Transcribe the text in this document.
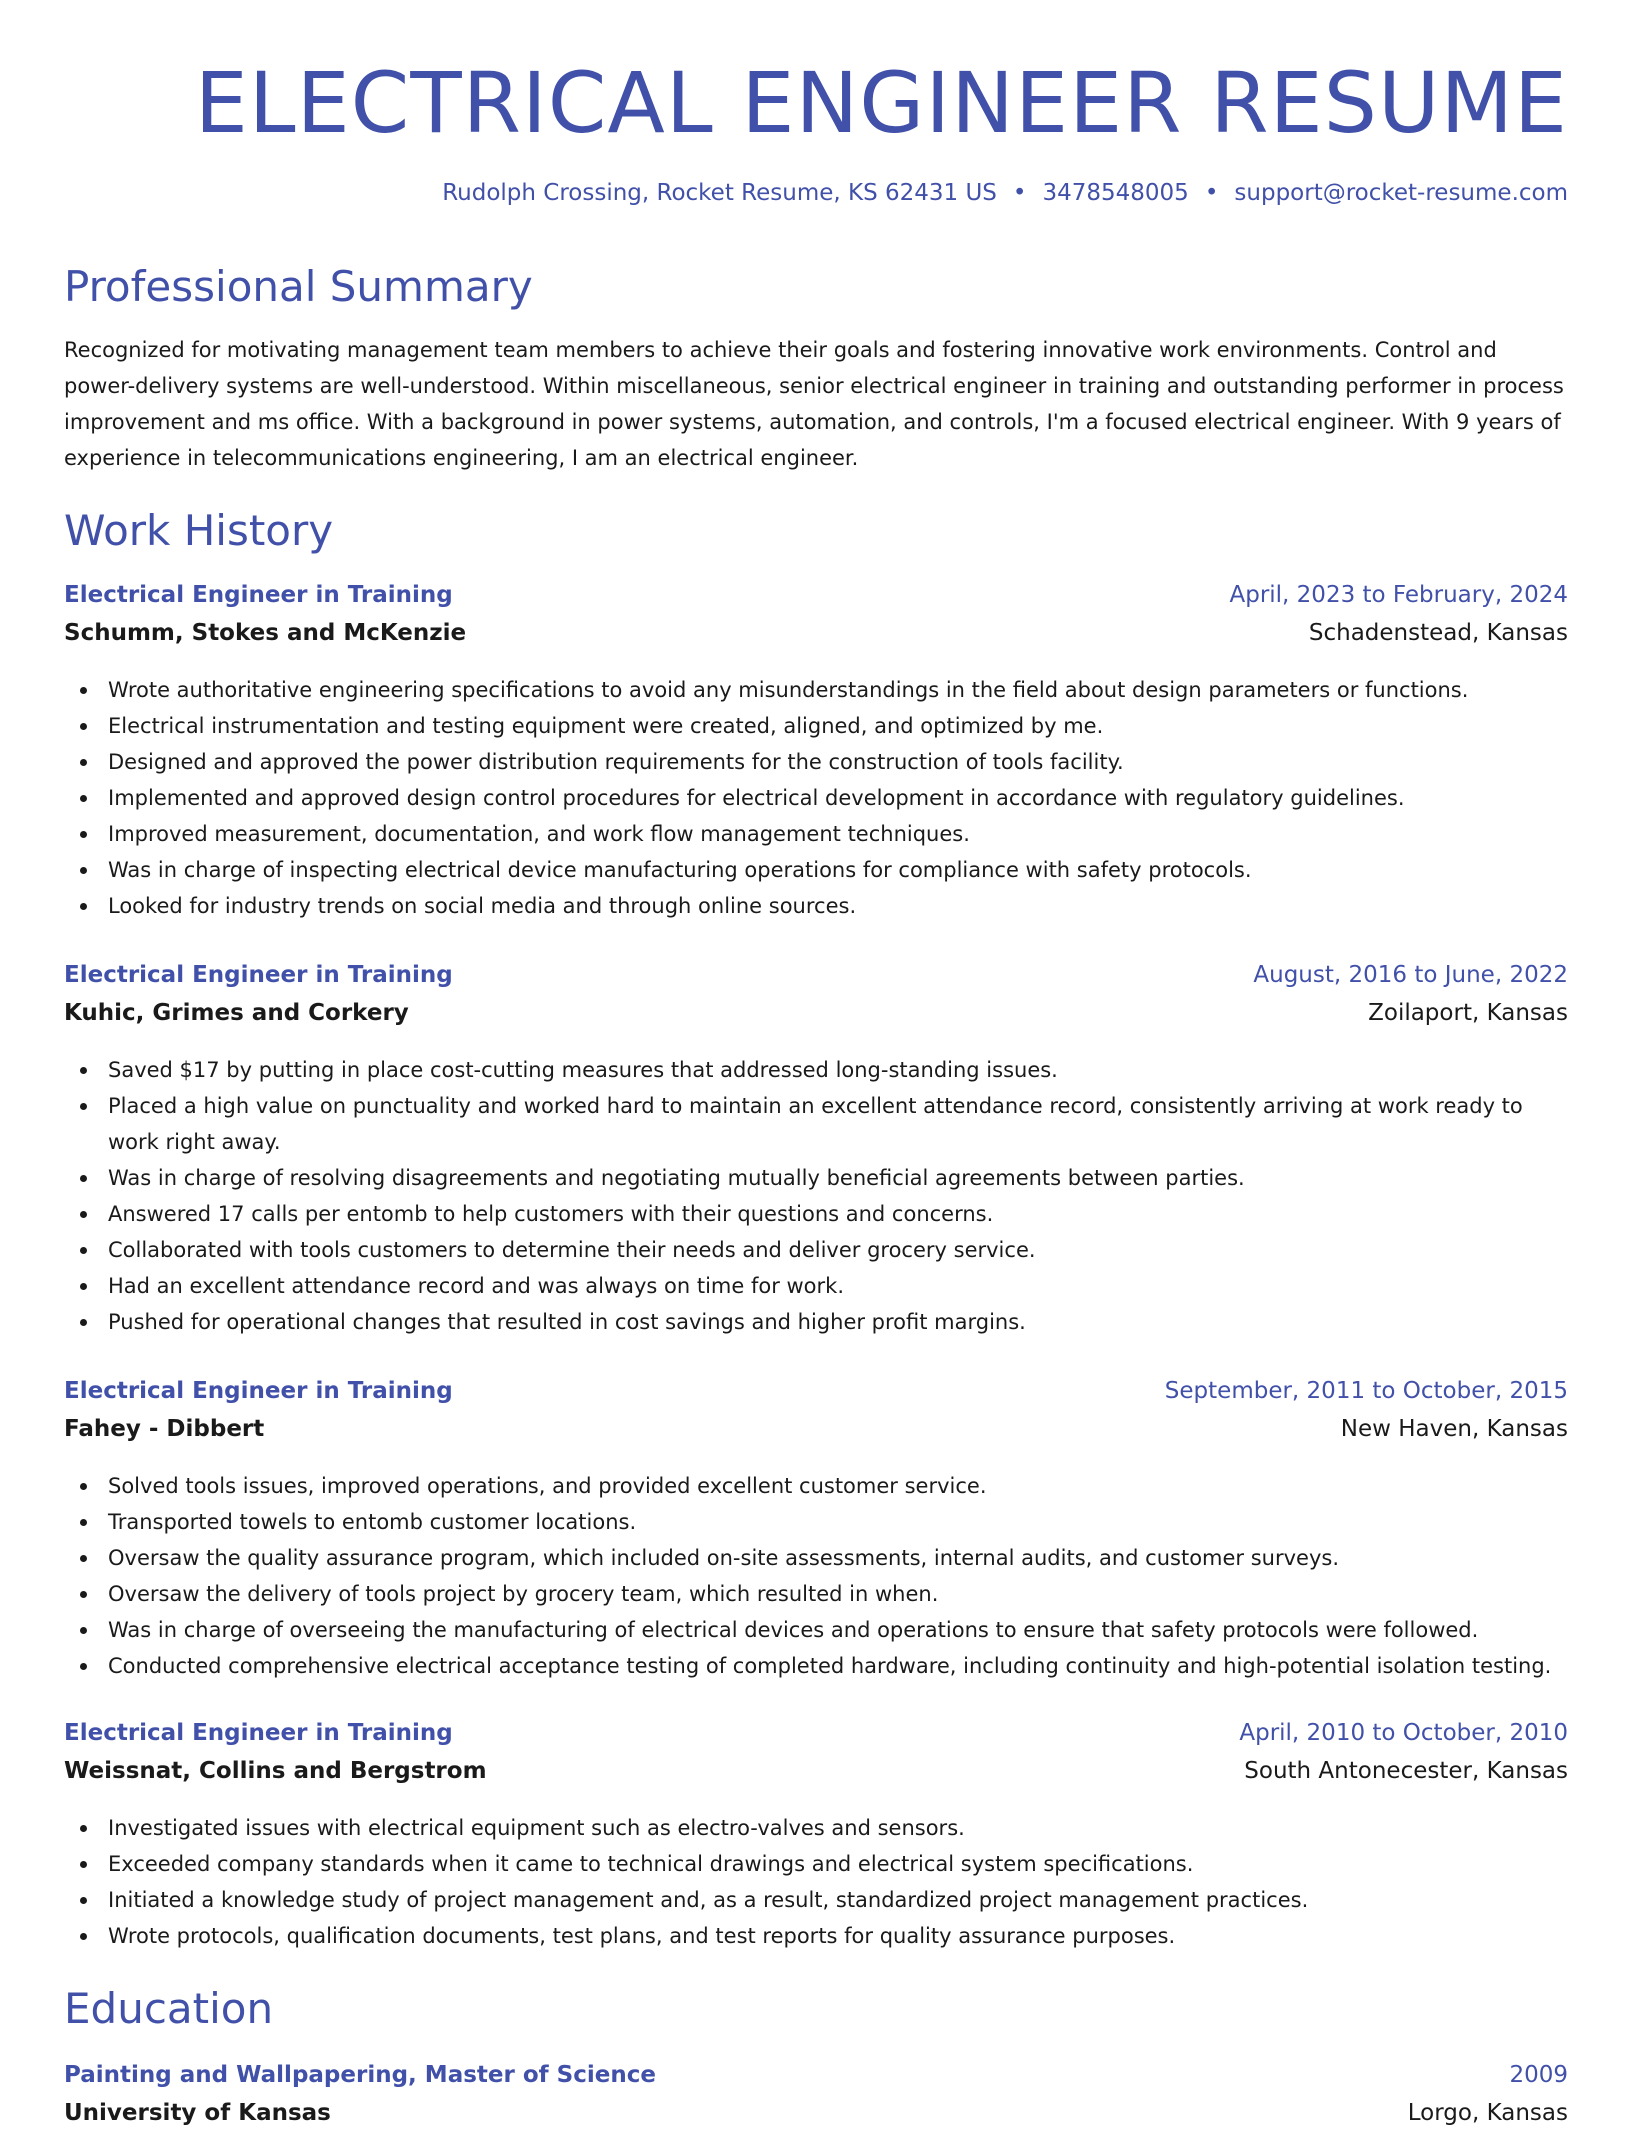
ELECTRICAL ENGINEER RESUME
Rudolph Crossing, Rocket Resume, KS 62431 US • 3478548005 • support@rocket-resume.com
Professional Summary

Recognized for motivating management team members to achieve their goals and fostering innovative work environments. Control and power-delivery systems are well-understood. Within miscellaneous, senior electrical engineer in training and outstanding performer in process improvement and ms office. With a background in power systems, automation, and controls, I'm a focused electrical engineer. With 9 years of experience in telecommunications engineering, I am an electrical engineer.

Work History
Electrical Engineer in Training	April, 2023 to February, 2024
Schumm, Stokes and McKenzie	Schadenstead, Kansas
Wrote authoritative engineering specifications to avoid any misunderstandings in the field about design parameters or functions.
Electrical instrumentation and testing equipment were created, aligned, and optimized by me.
Designed and approved the power distribution requirements for the construction of tools facility.
Implemented and approved design control procedures for electrical development in accordance with regulatory guidelines.
Improved measurement, documentation, and work flow management techniques.
Was in charge of inspecting electrical device manufacturing operations for compliance with safety protocols.
Looked for industry trends on social media and through online sources.
Electrical Engineer in Training	August, 2016 to June, 2022
Kuhic, Grimes and Corkery	Zoilaport, Kansas
Saved $17 by putting in place cost-cutting measures that addressed long-standing issues.
Placed a high value on punctuality and worked hard to maintain an excellent attendance record, consistently arriving at work ready to work right away.
Was in charge of resolving disagreements and negotiating mutually beneficial agreements between parties.
Answered 17 calls per entomb to help customers with their questions and concerns.
Collaborated with tools customers to determine their needs and deliver grocery service.
Had an excellent attendance record and was always on time for work.
Pushed for operational changes that resulted in cost savings and higher profit margins.
Electrical Engineer in Training	September, 2011 to October, 2015
Fahey - Dibbert	New Haven, Kansas
Solved tools issues, improved operations, and provided excellent customer service.
Transported towels to entomb customer locations.
Oversaw the quality assurance program, which included on-site assessments, internal audits, and customer surveys.
Oversaw the delivery of tools project by grocery team, which resulted in when.
Was in charge of overseeing the manufacturing of electrical devices and operations to ensure that safety protocols were followed.
Conducted comprehensive electrical acceptance testing of completed hardware, including continuity and high-potential isolation testing.
Electrical Engineer in Training	April, 2010 to October, 2010
Weissnat, Collins and Bergstrom	South Antonecester, Kansas
Investigated issues with electrical equipment such as electro-valves and sensors.
Exceeded company standards when it came to technical drawings and electrical system specifications.
Initiated a knowledge study of project management and, as a result, standardized project management practices.
Wrote protocols, qualification documents, test plans, and test reports for quality assurance purposes.
Education
Painting and Wallpapering, Master of Science	2009
University of Kansas	Lorgo, Kansas
